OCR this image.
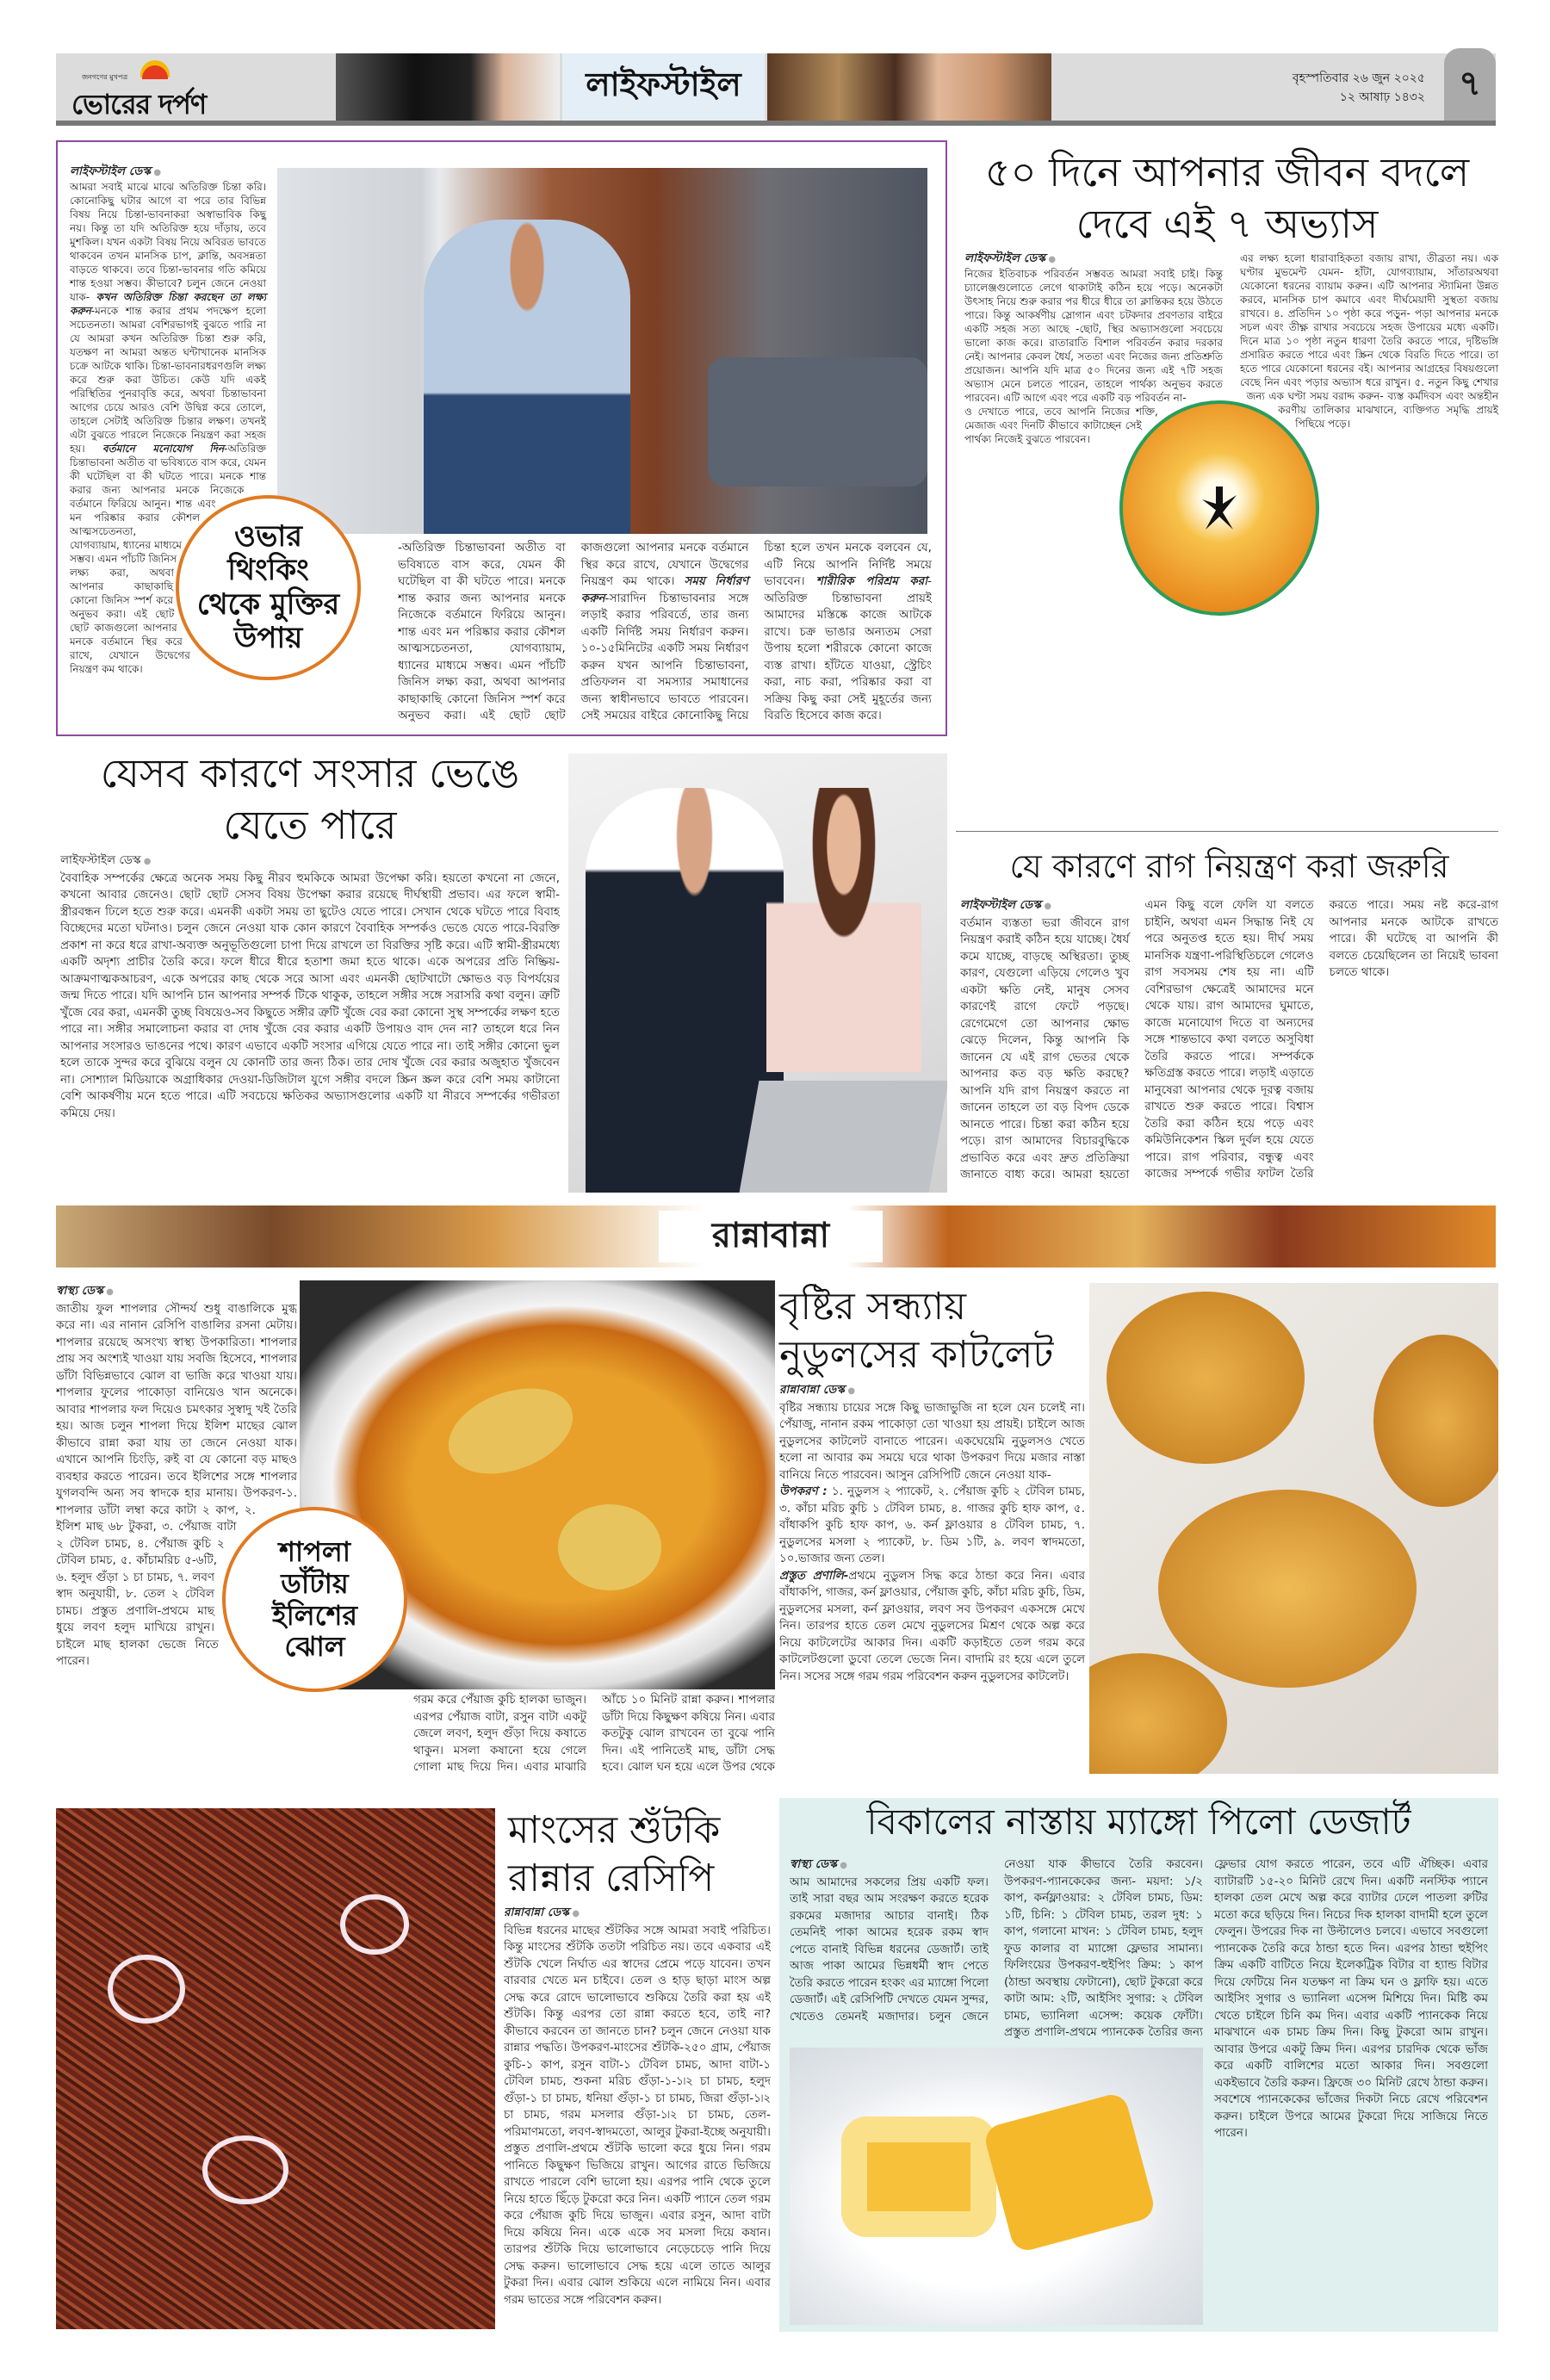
জনগণের মুখপত্র
ভোরের দর্পণ
লাইফস্টাইল	বৃহস্পতিবার ২৬ জুন ২০২৫
১২ আষাঢ় ১৪৩২ ৭
লাইফস্টাইল ডেস্ক ●
আমরা সবাই মাঝে মাঝে অতিরিক্ত চিন্তা করি। কোনোকিছু ঘটার আগে বা পরে তার বিভিন্ন বিষয় নিয়ে চিন্তা-ভাবনাকরা অস্বাভাবিক কিছু নয়। কিন্তু তা যদি অতিরিক্ত হয়ে দাঁড়ায়, তবে মুশকিল। যখন একটা বিষয় নিয়ে অবিরত ভাবতে থাকবেন তখন মানসিক চাপ, ক্লান্তি, অবসন্নতা বাড়তে থাকবে। তবে চিন্তা-ভাবনার গতি কমিয়ে শান্ত হওয়া সম্ভব। কীভাবে? চলুন জেনে নেওয়া যাক- কখন অতিরিক্ত চিন্তা করছেন তা লক্ষ্য করুন-মনকে শান্ত করার প্রথম পদক্ষেপ হলো সচেতনতা। আমরা বেশিরভাগই বুঝতে পারি না যে আমরা কখন অতিরিক্ত চিন্তা শুরু করি, যতক্ষণ না আমরা অন্তত ঘন্টাখানেক মানসিক চক্রে আটকে থাকি। চিন্তা-ভাবনারধরণগুলি লক্ষ্য করে শুরু করা উচিত। কেউ যদি একই পরিস্থিতির পুনরাবৃত্তি করে, অথবা চিন্তাভাবনা আগের চেয়ে আরও বেশি উদ্বিগ্ন করে তোলে, তাহলে সেটাই অতিরিক্ত চিন্তার লক্ষণ। তখনই এটা বুঝতে পারলে নিজেকে নিয়ন্ত্রণ করা সহজ হয়। বর্তমানে মনোযোগ দিন-অতিরিক্ত চিন্তাভাবনা অতীত বা ভবিষ্যতে বাস করে, যেমন কী ঘটেছিল বা কী ঘটতে পারে। মনকে শান্ত করার জন্য আপনার মনকে নিজেকে বর্তমানে ফিরিয়ে আনুন। শান্ত এবং মন পরিষ্কার করার কৌশল আত্মসচেতনতা, যোগব্যায়াম, ধ্যানের মাধ্যমে সম্ভব। এমন পাঁচটি জিনিস লক্ষ্য করা, অথবা আপনার কাছাকাছি কোনো জিনিস স্পর্শ করে অনুভব করা। এই ছোট ছোট কাজগুলো আপনার মনকে বর্তমানে স্থির করে রাখে, যেখানে উদ্বেগের নিয়ন্ত্রণ কম থাকে।
-অতিরিক্ত চিন্তাভাবনা অতীত বা ভবিষ্যতে বাস করে, যেমন কী ঘটেছিল বা কী ঘটতে পারে। মনকে শান্ত করার জন্য আপনার মনকে নিজেকে বর্তমানে ফিরিয়ে আনুন। শান্ত এবং মন পরিষ্কার করার কৌশল আত্মসচেতনতা, যোগব্যায়াম, ধ্যানের মাধ্যমে সম্ভব। এমন পাঁচটি জিনিস লক্ষ্য করা, অথবা আপনার কাছাকাছি কোনো জিনিস স্পর্শ করে অনুভব করা। এই ছোট ছোট কাজগুলো আপনার মনকে বর্তমানে স্থির করে রাখে, যেখানে উদ্বেগের নিয়ন্ত্রণ কম থাকে। সময় নির্ধারণ করুন-সারাদিন চিন্তাভাবনার সঙ্গে লড়াই করার পরিবর্তে, তার জন্য একটি নির্দিষ্ট সময় নির্ধারণ করুন। ১০-১৫মিনিটের একটি সময় নির্ধারণ করুন যখন আপনি চিন্তাভাবনা, প্রতিফলন বা সমস্যার সমাধানের জন্য স্বাধীনভাবে ভাবতে পারবেন। সেই সময়ের বাইরে কোনোকিছু নিয়ে চিন্তা হলে তখন মনকে বলবেন যে, এটি নিয়ে আপনি নির্দিষ্ট সময়ে ভাববেন। শারীরিক পরিশ্রম করা-অতিরিক্ত চিন্তাভাবনা প্রায়ই আমাদের মস্তিষ্কে কাজে আটকে রাখে। চক্র ভাঙার অন্যতম সেরা উপায় হলো শরীরকে কোনো কাজে ব্যস্ত রাখা। হাঁটতে যাওয়া, স্ট্রেচিং করা, নাচ করা, পরিষ্কার করা বা সক্রিয় কিছু করা সেই মুহূর্তের জন্য বিরতি হিসেবে কাজ করে।
ওভার থিংকিং থেকে মুক্তির উপায়
৫০ দিনে আপনার জীবন বদলে দেবে এই ৭ অভ্যাস
লাইফস্টাইল ডেস্ক ●
নিজের ইতিবাচক পরিবর্তন সম্ভবত আমরা সবাই চাই। কিন্তু চ্যালেঞ্জগুলোতে লেগে থাকাটাই কঠিন হয়ে পড়ে। অনেকটা উৎসাহ নিয়ে শুরু করার পর ধীরে ধীরে তা ক্লান্তিকর হয়ে উঠতে পারে। কিন্তু আকর্ষণীয় স্লোগান এবং চটকদার প্রবণতার বাইরে একটি সহজ সত্য আছে -ছোট, স্থির অভ্যাসগুলো সবচেয়ে ভালো কাজ করে। রাতারাতি বিশাল পরিবর্তন করার দরকার নেই। আপনার কেবল ধৈর্য, সততা এবং নিজের জন্য প্রতিশ্রুতি প্রয়োজন। আপনি যদি মাত্র ৫০ দিনের জন্য এই ৭টি সহজ অভ্যাস মেনে চলতে পারেন, তাহলে পার্থক্য অনুভব করতে পারবেন। এটি আগে এবং পরে একটি বড় পরিবর্তন না-ও দেখাতে পারে, তবে আপনি নিজের শক্তি, মেজাজ এবং দিনটি কীভাবে কাটাচ্ছেন সেই পার্থক্য নিজেই বুঝতে পারবেন।
এর লক্ষ্য হলো ধারাবাহিকতা বজায় রাখা, তীব্রতা নয়। এক ঘণ্টার মুভমেন্ট যেমন- হাঁটা, যোগব্যায়াম, সাঁতারঅথবা যেকোনো ধরনের ব্যায়াম করুন। এটি আপনার স্ট্যামিনা উন্নত করবে, মানসিক চাপ কমাবে এবং দীর্ঘমেয়াদী সুস্থতা বজায় রাখবে। ৪. প্রতিদিন ১০ পৃষ্ঠা করে পড়ুন- পড়া আপনার মনকে সচল এবং তীক্ষ্ণ রাখার সবচেয়ে সহজ উপায়ের মধ্যে একটি। দিনে মাত্র ১০ পৃষ্ঠা নতুন ধারণা তৈরি করতে পারে, দৃষ্টিভঙ্গি প্রসারিত করতে পারে এবং স্ক্রিন থেকে বিরতি দিতে পারে। তা হতে পারে যেকোনো ধরনের বই। আপনার আগ্রহের বিষয়গুলো বেছে নিন এবং পড়ার অভ্যাস ধরে রাখুন। ৫. নতুন কিছু শেখার জন্য এক ঘণ্টা সময় বরাদ্দ করুন- ব্যস্ত কর্মদিবস এবং অন্তহীন করণীয় তালিকার মাঝখানে, ব্যক্তিগত সমৃদ্ধি প্রায়ই পিছিয়ে পড়ে।
যেসব কারণে সংসার ভেঙে যেতে পারে
লাইফস্টাইল ডেস্ক ●
বৈবাহিক সম্পর্কের ক্ষেত্রে অনেক সময় কিছু নীরব হুমকিকে আমরা উপেক্ষা করি। হয়তো কখনো না জেনে, কখনো আবার জেনেও। ছোট ছোট সেসব বিষয় উপেক্ষা করার রয়েছে দীর্ঘস্থায়ী প্রভাব। এর ফলে স্বামী-স্ত্রীরবন্ধন ঢিলে হতে শুরু করে। এমনকী একটা সময় তা ছুটেও যেতে পারে। সেখান থেকে ঘটতে পারে বিবাহ বিচ্ছেদের মতো ঘটনাও। চলুন জেনে নেওয়া যাক কোন কারণে বৈবাহিক সম্পর্কও ভেঙে যেতে পারে-বিরক্তি প্রকাশ না করে ধরে রাখা-অব্যক্ত অনুভূতিগুলো চাপা দিয়ে রাখলে তা বিরক্তির সৃষ্টি করে। এটি স্বামী-স্ত্রীরমধ্যে একটি অদৃশ্য প্রাচীর তৈরি করে। ফলে ধীরে ধীরে হতাশা জমা হতে থাকে। একে অপরের প্রতি নিষ্ক্রিয়-আক্রমণাত্মকআচরণ, একে অপরের কাছ থেকে সরে আসা এবং এমনকী ছোটখাটো ক্ষোভও বড় বিপর্যয়ের জন্ম দিতে পারে। যদি আপনি চান আপনার সম্পর্ক টিকে থাকুক, তাহলে সঙ্গীর সঙ্গে সরাসরি কথা বলুন। ত্রুটি খুঁজে বের করা, এমনকী তুচ্ছ বিষয়েও-সব কিছুতে সঙ্গীর ত্রুটি খুঁজে বের করা কোনো সুস্থ সম্পর্কের লক্ষণ হতে পারে না। সঙ্গীর সমালোচনা করার বা দোষ খুঁজে বের করার একটি উপায়ও বাদ দেন না? তাহলে ধরে নিন আপনার সংসারও ভাঙনের পথে। কারণ এভাবে একটি সংসার এগিয়ে যেতে পারে না। তাই সঙ্গীর কোনো ভুল হলে তাকে সুন্দর করে বুঝিয়ে বলুন যে কোনটি তার জন্য ঠিক। তার দোষ খুঁজে বের করার অজুহাত খুঁজবেন না। সোশ্যাল মিডিয়াকে অগ্রাধিকার দেওয়া-ডিজিটাল যুগে সঙ্গীর বদলে স্ক্রিন স্ক্রল করে বেশি সময় কাটানো বেশি আকর্ষণীয় মনে হতে পারে। এটি সবচেয়ে ক্ষতিকর অভ্যাসগুলোর একটি যা নীরবে সম্পর্কের গভীরতা কমিয়ে দেয়।
যে কারণে রাগ নিয়ন্ত্রণ করা জরুরি
লাইফস্টাইল ডেস্ক ●
বর্তমান ব্যস্ততা ভরা জীবনে রাগ নিয়ন্ত্রণ করাই কঠিন হয়ে যাচ্ছে। ধৈর্য কমে যাচ্ছে, বাড়ছে অস্থিরতা। তুচ্ছ কারণ, যেগুলো এড়িয়ে গেলেও খুব একটা ক্ষতি নেই, মানুষ সেসব কারণেই রাগে ফেটে পড়ছে। রেগেমেগে তো আপনার ক্ষোভ ঝেড়ে দিলেন, কিন্তু আপনি কি জানেন যে এই রাগ ভেতর থেকে আপনার কত বড় ক্ষতি করছে? আপনি যদি রাগ নিয়ন্ত্রণ করতে না জানেন তাহলে তা বড় বিপদ ডেকে আনতে পারে। চিন্তা করা কঠিন হয়ে পড়ে। রাগ আমাদের বিচারবুদ্ধিকে প্রভাবিত করে এবং দ্রুত প্রতিক্রিয়া জানাতে বাধ্য করে। আমরা হয়তো এমন কিছু বলে ফেলি যা বলতে চাইনি, অথবা এমন সিদ্ধান্ত নিই যে পরে অনুতপ্ত হতে হয়। দীর্ঘ সময় মানসিক যন্ত্রণা-পরিস্থিতিচলে গেলেও রাগ সবসময় শেষ হয় না। এটি বেশিরভাগ ক্ষেত্রেই আমাদের মনে থেকে যায়। রাগ আমাদের ঘুমাতে, কাজে মনোযোগ দিতে বা অন্যদের সঙ্গে শান্তভাবে কথা বলতে অসুবিধা তৈরি করতে পারে। সম্পর্ককে ক্ষতিগ্রস্ত করতে পারে। লড়াই এড়াতে মানুষেরা আপনার থেকে দূরত্ব বজায় রাখতে শুরু করতে পারে। বিশ্বাস তৈরি করা কঠিন হয়ে পড়ে এবং কমিউনিকেশন স্কিল দুর্বল হয়ে যেতে পারে। রাগ পরিবার, বন্ধুত্ব এবং কাজের সম্পর্কে গভীর ফাটল তৈরি করতে পারে। সময় নষ্ট করে-রাগ আপনার মনকে আটকে রাখতে পারে। কী ঘটেছে বা আপনি কী বলতে চেয়েছিলেন তা নিয়েই ভাবনা চলতে থাকে।
রান্নাবান্না
স্বাস্থ্য ডেস্ক ●
জাতীয় ফুল শাপলার সৌন্দর্য শুধু বাঙালিকে মুগ্ধ করে না। এর নানান রেসিপি বাঙালির রসনা মেটায়। শাপলার রয়েছে অসংখ্য স্বাস্থ্য উপকারিতা। শাপলার প্রায় সব অংশ্যই খাওয়া যায় সবজি হিসেবে, শাপলার ডাঁটা বিভিন্নভাবে ঝোল বা ভাজি করে খাওয়া যায়। শাপলার ফুলের পাকোড়া বানিয়েও খান অনেকে। আবার শাপলার ফল দিয়েও চমৎকার সুস্বাদু খই তৈরি হয়। আজ চলুন শাপলা দিয়ে ইলিশ মাছের ঝোল কীভাবে রান্না করা যায় তা জেনে নেওয়া যাক। এখানে আপনি চিংড়ি, রুই বা যে কোনো বড় মাছও ব্যবহার করতে পারেন। তবে ইলিশের সঙ্গে শাপলার যুগলবন্দি অন্য সব স্বাদকে হার মানায়। উপকরণ-১. শাপলার ডাঁটা লম্বা করে কাটা ২ কাপ, ২. ইলিশ মাছ ৬৮ টুকরা, ৩. পেঁয়াজ বাটা ২ টেবিল চামচ, ৪. পেঁয়াজ কুচি ২ টেবিল চামচ, ৫. কাঁচামরিচ ৫-৬টি, ৬. হলুদ গুঁড়া ১ চা চামচ, ৭. লবণ স্বাদ অনুযায়ী, ৮. তেল ২ টেবিল চামচ। প্রস্তুত প্রণালি-প্রথমে মাছ ধুয়ে লবণ হলুদ মাখিয়ে রাখুন। চাইলে মাছ হালকা ভেজে নিতে পারেন।
শাপলা ডাঁটায় ইলিশের ঝোল
গরম করে পেঁয়াজ কুচি হালকা ভাজুন। এরপর পেঁয়াজ বাটা, রসুন বাটা একটু জেলে লবণ, হলুদ গুঁড়া দিয়ে কষাতে থাকুন। মসলা কষানো হয়ে গেলে গোলা মাছ দিয়ে দিন। এবার মাঝারি আঁচে ১০ মিনিট রান্না করুন। শাপলার ডাঁটা দিয়ে কিছুক্ষণ কষিয়ে নিন। এবার কতটুকু ঝোল রাখবেন তা বুঝে পানি দিন। এই পানিতেই মাছ, ডাঁটা সেদ্ধ হবে। ঝোল ঘন হয়ে এলে উপর থেকে
বৃষ্টির সন্ধ্যায় নুডুলসের কাটলেট
রান্নাবান্না ডেস্ক ●
বৃষ্টির সন্ধ্যায় চায়ের সঙ্গে কিছু ভাজাভুজি না হলে যেন চলেই না। পেঁয়াজু, নানান রকম পাকোড়া তো খাওয়া হয় প্রায়ই। চাইলে আজ নুডুলসের কাটলেট বানাতে পারেন। একঘেয়েমি নুডুলসও খেতে হলো না আবার কম সময়ে ঘরে থাকা উপকরণ দিয়ে মজার নাস্তা বানিয়ে নিতে পারবেন। আসুন রেসিপিটি জেনে নেওয়া যাক-
উপকরণ : ১. নুডুলস ২ প্যাকেট, ২. পেঁয়াজ কুচি ২ টেবিল চামচ, ৩. কাঁচা মরিচ কুচি ১ টেবিল চামচ, ৪. গাজর কুচি হাফ কাপ, ৫. বাঁধাকপি কুচি হাফ কাপ, ৬. কর্ন ফ্লাওয়ার ৪ টেবিল চামচ, ৭. নুডুলসের মসলা ২ প্যাকেট, ৮. ডিম ১টি, ৯. লবণ স্বাদমতো, ১০.ভাজার জন্য তেল।
প্রস্তুত প্রণালি-প্রথমে নুডুলস সিদ্ধ করে ঠান্ডা করে নিন। এবার বাঁধাকপি, গাজর, কর্ন ফ্লাওয়ার, পেঁয়াজ কুচি, কাঁচা মরিচ কুচি, ডিম, নুডুলসের মসলা, কর্ন ফ্লাওয়ার, লবণ সব উপকরণ একসঙ্গে মেখে নিন। তারপর হাতে তেল মেখে নুডুলসের মিশ্রণ থেকে অল্প করে নিয়ে কাটলেটের আকার দিন। একটি কড়াইতে তেল গরম করে কাটলেটগুলো ডুবো তেলে ভেজে নিন। বাদামি রং হয়ে এলে তুলে নিন। সসের সঙ্গে গরম গরম পরিবেশন করুন নুডুলসের কাটলেট।
মাংসের শুঁটকি রান্নার রেসিপি
রান্নাবান্না ডেস্ক ●
বিভিন্ন ধরনের মাছের শুঁটকির সঙ্গে আমরা সবাই পরিচিত। কিন্তু মাংসের শুঁটকি ততটা পরিচিত নয়। তবে একবার এই শুঁটকি খেলে নির্ঘাত এর স্বাদের প্রেমে পড়ে যাবেন। তখন বারবার খেতে মন চাইবে। তেল ও হাড় ছাড়া মাংস অল্প সেদ্ধ করে রোদে ভালোভাবে শুকিয়ে তৈরি করা হয় এই শুঁটকি। কিন্তু এরপর তো রান্না করতে হবে, তাই না? কীভাবে করবেন তা জানতে চান? চলুন জেনে নেওয়া যাক রান্নার পদ্ধতি। উপকরণ-মাংসের শুঁটকি-২৫০ গ্রাম, পেঁয়াজ কুচি-১ কাপ, রসুন বাটা-১ টেবিল চামচ, আদা বাটা-১ টেবিল চামচ, শুকনা মরিচ গুঁড়া-১-১৷২ চা চামচ, হলুদ গুঁড়া-১ চা চামচ, ধনিয়া গুঁড়া-১ চা চামচ, জিরা গুঁড়া-১৷২ চা চামচ, গরম মসলার গুঁড়া-১৷২ চা চামচ, তেল-পরিমাণমতো, লবণ-স্বাদমতো, আলুর টুকরা-ইচ্ছে অনুযায়ী। প্রস্তুত প্রণালি-প্রথমে শুঁটকি ভালো করে ধুয়ে নিন। গরম পানিতে কিছুক্ষণ ভিজিয়ে রাখুন। আগের রাতে ভিজিয়ে রাখতে পারলে বেশি ভালো হয়। এরপর পানি থেকে তুলে নিয়ে হাতে ছিঁড়ে টুকরো করে নিন। একটি প্যানে তেল গরম করে পেঁয়াজ কুচি দিয়ে ভাজুন। এবার রসুন, আদা বাটা দিয়ে কষিয়ে নিন। একে একে সব মসলা দিয়ে কষান। তারপর শুঁটকি দিয়ে ভালোভাবে নেড়েচেড়ে পানি দিয়ে সেদ্ধ করুন। ভালোভাবে সেদ্ধ হয়ে এলে তাতে আলুর টুকরা দিন। এবার ঝোল শুকিয়ে এলে নামিয়ে নিন। এবার গরম ভাতের সঙ্গে পরিবেশন করুন।
বিকালের নাস্তায় ম্যাঙ্গো পিলো ডেজার্ট
স্বাস্থ্য ডেস্ক ●
আম আমাদের সকলের প্রিয় একটি ফল। তাই সারা বছর আম সংরক্ষণ করতে হরেক রকমের মজাদার আচার বানাই। ঠিক তেমনিই পাকা আমের হরেক রকম স্বাদ পেতে বানাই বিভিন্ন ধরনের ডেজার্ট। তাই আজ পাকা আমের ভিন্নধর্মী স্বাদ পেতে তৈরি করতে পারেন হংকং এর ম্যাঙ্গো পিলো ডেজার্ট। এই রেসিপিটি দেখতে যেমন সুন্দর, খেতেও তেমনই মজাদার। চলুন জেনে নেওয়া যাক কীভাবে তৈরি করবেন। উপকরণ-প্যানকেকের জন্য- ময়দা: ১/২ কাপ, কর্নফ্লাওয়ার: ২ টেবিল চামচ, ডিম: ১টি, চিনি: ১ টেবিল চামচ, তরল দুধ: ১ কাপ, গলানো মাখন: ১ টেবিল চামচ, হলুদ ফুড কালার বা ম্যাঙ্গো ফ্লেভার সামান্য। ফিলিংয়ের উপকরণ-হুইপিং ক্রিম: ১ কাপ (ঠান্ডা অবস্থায় ফেটানো), ছোট টুকরো করে কাটা আম: ২টি, আইসিং সুগার: ২ টেবিল চামচ, ভ্যানিলা এসেন্স: কয়েক ফোঁটা। প্রস্তুত প্রণালি-প্রথমে প্যানকেক তৈরির জন্য
ফ্লেভার যোগ করতে পারেন, তবে এটি ঐচ্ছিক। এবার ব্যাটারটি ১৫-২০ মিনিট রেখে দিন। একটি ননস্টিক প্যানে হালকা তেল মেখে অল্প করে ব্যাটার ঢেলে পাতলা রুটির মতো করে ছড়িয়ে দিন। নিচের দিক হালকা বাদামী হলে তুলে ফেলুন। উপরের দিক না উল্টালেও চলবে। এভাবে সবগুলো প্যানকেক তৈরি করে ঠান্ডা হতে দিন। এরপর ঠান্ডা হুইপিং ক্রিম একটি বাটিতে নিয়ে ইলেকট্রিক বিটার বা হ্যান্ড বিটার দিয়ে ফেটিয়ে নিন যতক্ষণ না ক্রিম ঘন ও ফ্লাফি হয়। এতে আইসিং সুগার ও ভ্যানিলা এসেন্স মিশিয়ে দিন। মিষ্টি কম খেতে চাইলে চিনি কম দিন। এবার একটি প্যানকেক নিয়ে মাঝখানে এক চামচ ক্রিম দিন। কিছু টুকরো আম রাখুন। আবার উপরে একটু ক্রিম দিন। এরপর চারদিক থেকে ভাঁজ করে একটি বালিশের মতো আকার দিন। সবগুলো একইভাবে তৈরি করুন। ফ্রিজে ৩০ মিনিট রেখে ঠান্ডা করুন। সবশেষে প্যানকেকের ভাঁজের দিকটা নিচে রেখে পরিবেশন করুন। চাইলে উপরে আমের টুকরো দিয়ে সাজিয়ে নিতে পারেন।
